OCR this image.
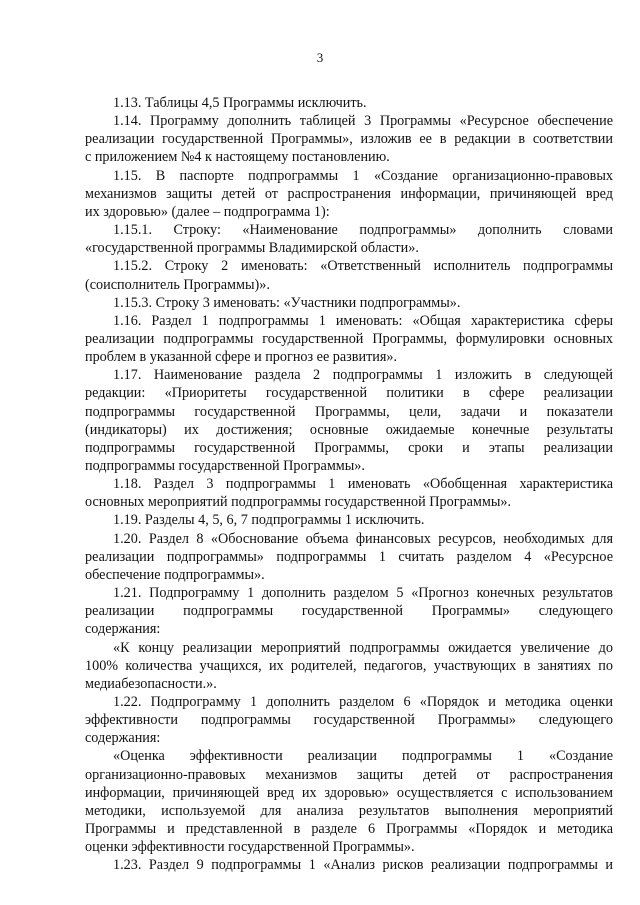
3
1.13. Таблицы 4,5 Программы исключить.
1.14. Программу дополнить таблицей 3 Программы «Ресурсное обеспечение
реализации государственной Программы», изложив ее в редакции в соответствии
с приложением №4 к настоящему постановлению.
1.15. В паспорте подпрограммы 1 «Создание организационно-правовых
механизмов защиты детей от распространения информации, причиняющей вред
их здоровью» (далее – подпрограмма 1):
1.15.1. Строку: «Наименование подпрограммы» дополнить словами
«государственной программы Владимирской области».
1.15.2. Строку 2 именовать: «Ответственный исполнитель подпрограммы
(соисполнитель Программы)».
1.15.3. Строку 3 именовать: «Участники подпрограммы».
1.16. Раздел 1 подпрограммы 1 именовать: «Общая характеристика сферы
реализации подпрограммы государственной Программы, формулировки основных
проблем в указанной сфере и прогноз ее развития».
1.17. Наименование раздела 2 подпрограммы 1 изложить в следующей
редакции: «Приоритеты государственной политики в сфере реализации
подпрограммы государственной Программы, цели, задачи и показатели
(индикаторы) их достижения; основные ожидаемые конечные результаты
подпрограммы государственной Программы, сроки и этапы реализации
подпрограммы государственной Программы».
1.18. Раздел 3 подпрограммы 1 именовать «Обобщенная характеристика
основных мероприятий подпрограммы государственной Программы».
1.19. Разделы 4, 5, 6, 7 подпрограммы 1 исключить.
1.20. Раздел 8 «Обоснование объема финансовых ресурсов, необходимых для
реализации подпрограммы» подпрограммы 1 считать разделом 4 «Ресурсное
обеспечение подпрограммы».
1.21. Подпрограмму 1 дополнить разделом 5 «Прогноз конечных результатов
реализации подпрограммы государственной Программы» следующего
содержания:
«К концу реализации мероприятий подпрограммы ожидается увеличение до
100% количества учащихся, их родителей, педагогов, участвующих в занятиях по
медиабезопасности.».
1.22. Подпрограмму 1 дополнить разделом 6 «Порядок и методика оценки
эффективности подпрограммы государственной Программы» следующего
содержания:
«Оценка эффективности реализации подпрограммы 1 «Создание
организационно-правовых механизмов защиты детей от распространения
информации, причиняющей вред их здоровью» осуществляется с использованием
методики, используемой для анализа результатов выполнения мероприятий
Программы и представленной в разделе 6 Программы «Порядок и методика
оценки эффективности государственной Программы».
1.23. Раздел 9 подпрограммы 1 «Анализ рисков реализации подпрограммы и
